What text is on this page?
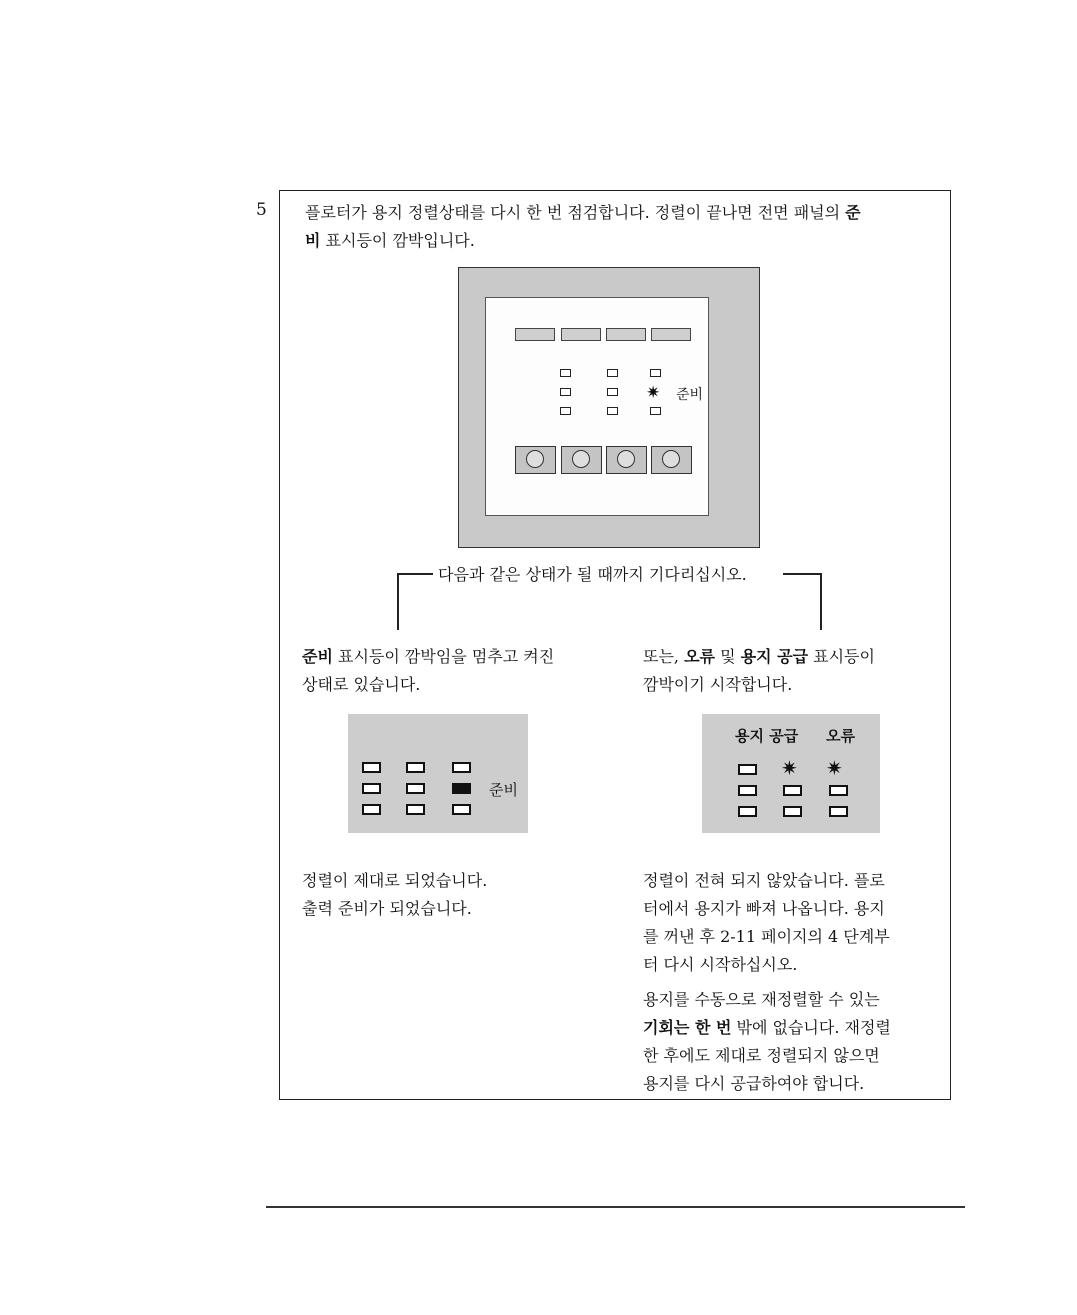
5 플로터가 용지 정렬상태를 다시 한 번 점검합니다. 정렬이 끝나면 전면 패널의 준
비 표시등이 깜박입니다.
✷ 준비
다음과 같은 상태가 될 때까지 기다리십시오.
준비 표시등이 깜박임을 멈추고 켜진
상태로 있습니다.
또는, 오류 및 용지 공급 표시등이
깜박이기 시작합니다.
준비
용지 공급 오류
✷ ✷
정렬이 제대로 되었습니다.
출력 준비가 되었습니다.
정렬이 전혀 되지 않았습니다. 플로
터에서 용지가 빠져 나옵니다. 용지
를 꺼낸 후 2-11 페이지의 4 단계부
터 다시 시작하십시오.
용지를 수동으로 재정렬할 수 있는
기회는 한 번 밖에 없습니다. 재정렬
한 후에도 제대로 정렬되지 않으면
용지를 다시 공급하여야 합니다.
